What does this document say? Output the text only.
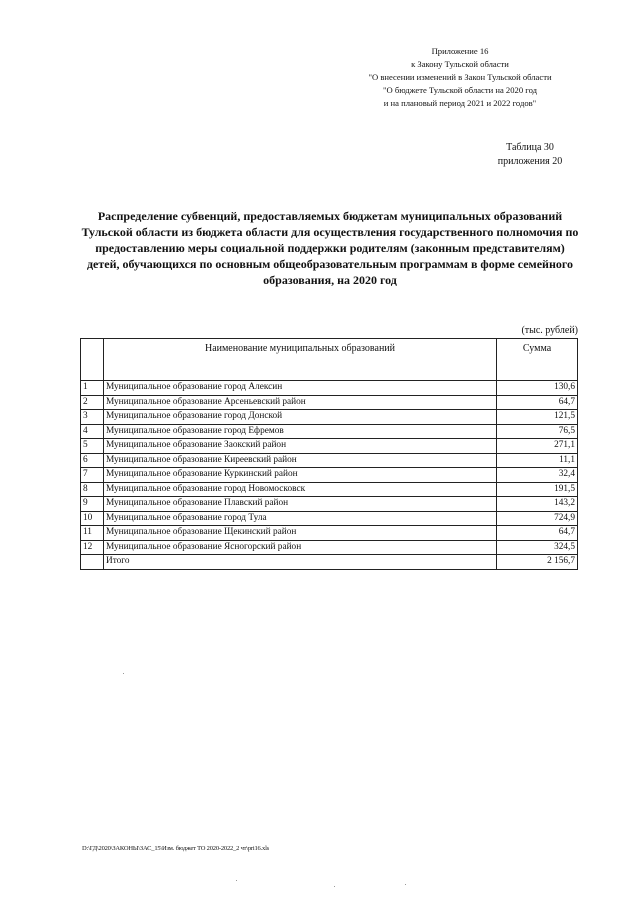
Приложение 16
к Закону Тульской области
"О внесении изменений в Закон Тульской области
"О бюджете Тульской области на 2020 год
и на плановый период 2021 и 2022 годов"
Таблица 30
приложения 20
Распределение субвенций, предоставляемых бюджетам муниципальных образований Тульской области из бюджета области для осуществления государственного полномочия по предоставлению меры социальной поддержки родителям (законным представителям) детей, обучающихся по основным общеобразовательным программам в форме семейного образования, на 2020 год
(тыс. рублей)
	Наименование муниципальных образований	Сумма
1	Муниципальное образование город Алексин	130,6
2	Муниципальное образование Арсеньевский район	64,7
3	Муниципальное образование город Донской	121,5
4	Муниципальное образование город Ефремов	76,5
5	Муниципальное образование Заокский район	271,1
6	Муниципальное образование Киреевский район	11,1
7	Муниципальное образование Куркинский район	32,4
8	Муниципальное образование город Новомосковск	191,5
9	Муниципальное образование Плавский район	143,2
10	Муниципальное образование город Тула	724,9
11	Муниципальное образование Щекинский район	64,7
12	Муниципальное образование Ясногорский район	324,5
	Итого	2 156,7
D:\ГД\2020\ЗАКОНЫ\ЗАС_15\Изм. бюджет ТО 2020-2022_2 чт\pri16.xls
